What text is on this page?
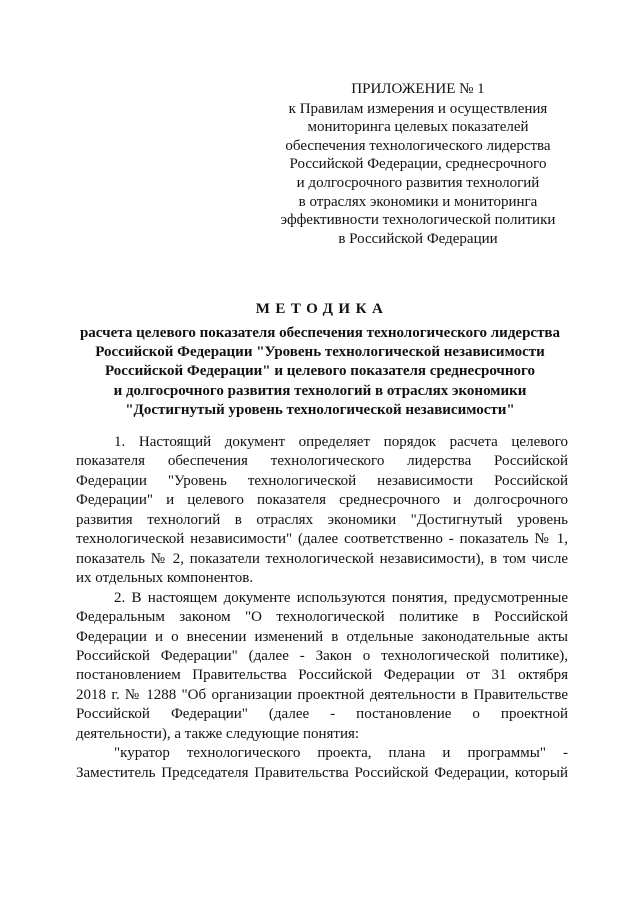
ПРИЛОЖЕНИЕ № 1
к Правилам измерения и осуществления
мониторинга целевых показателей
обеспечения технологического лидерства
Российской Федерации, среднесрочного
и долгосрочного развития технологий
в отраслях экономики и мониторинга
эффективности технологической политики
в Российской Федерации
МЕТОДИКА
расчета целевого показателя обеспечения технологического лидерства
Российской Федерации "Уровень технологической независимости
Российской Федерации" и целевого показателя среднесрочного
и долгосрочного развития технологий в отраслях экономики
"Достигнутый уровень технологической независимости"
1. Настоящий документ определяет порядок расчета целевого
показателя обеспечения технологического лидерства Российской
Федерации "Уровень технологической независимости Российской
Федерации" и целевого показателя среднесрочного и долгосрочного
развития технологий в отраслях экономики "Достигнутый уровень
технологической независимости" (далее соответственно - показатель № 1,
показатель № 2, показатели технологической независимости), в том числе
их отдельных компонентов.
2. В настоящем документе используются понятия, предусмотренные
Федеральным законом "О технологической политике в Российской
Федерации и о внесении изменений в отдельные законодательные акты
Российской Федерации" (далее - Закон о технологической политике),
постановлением Правительства Российской Федерации от 31 октября
2018 г. № 1288 "Об организации проектной деятельности в Правительстве
Российской Федерации" (далее - постановление о проектной
деятельности), а также следующие понятия:
"куратор технологического проекта, плана и программы" -
Заместитель Председателя Правительства Российской Федерации, который
